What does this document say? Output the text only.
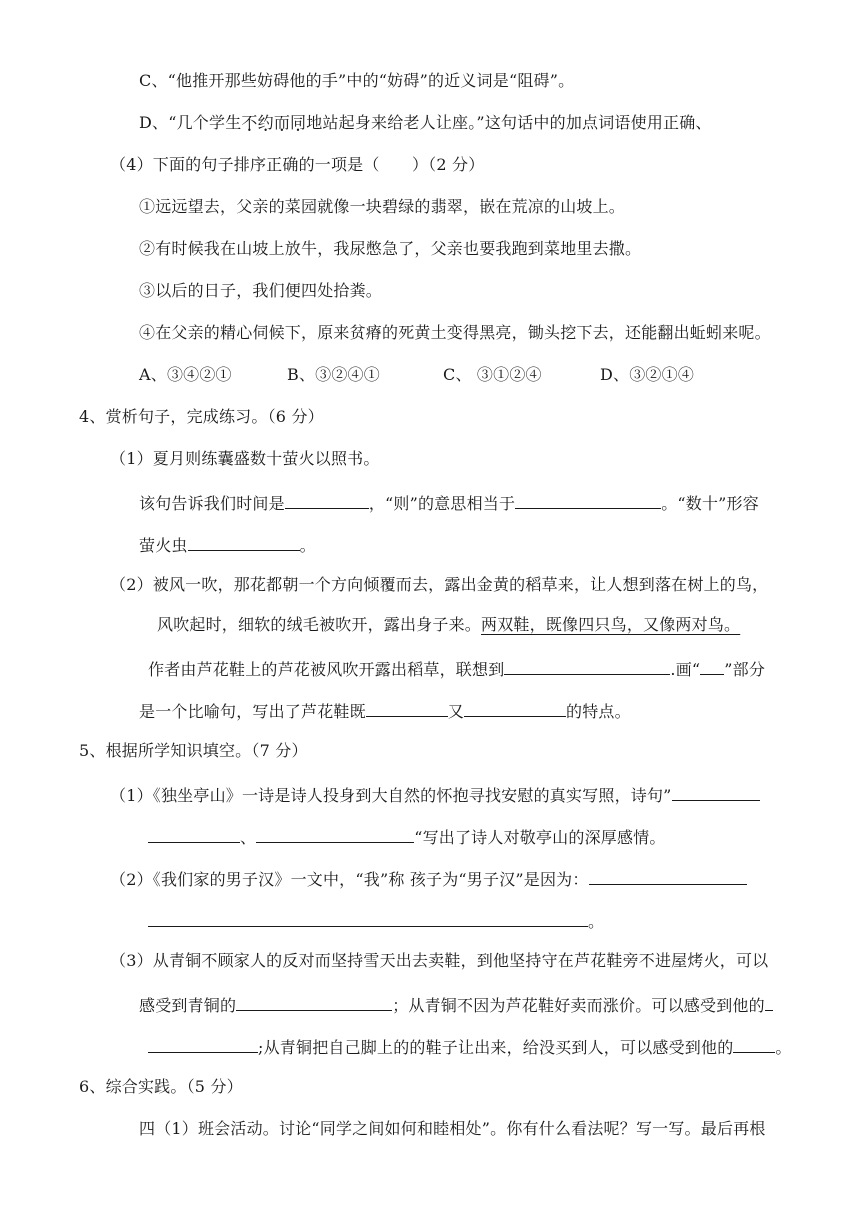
C、“他推开那些妨碍他的手”中的“妨碍”的近义词是“阻碍”。
D、“几个学生不约而同地站起身来给老人让座。”这句话中的加点词语使用正确、
（4）下面的句子排序正确的一项是（　　）（2 分）
①远远望去，父亲的菜园就像一块碧绿的翡翠，嵌在荒凉的山坡上。
②有时候我在山坡上放牛，我尿憋急了，父亲也要我跑到菜地里去撒。
③以后的日子，我们便四处拾粪。
④在父亲的精心伺候下，原来贫瘠的死黄土变得黑亮，锄头挖下去，还能翻出蚯蚓来呢。
A、③④②①	B、③②④①	C、 ③①②④	D、③②①④
4、赏析句子，完成练习。（6 分）
（1）夏月则练囊盛数十萤火以照书。
该句告诉我们时间是	，“则”的意思相当于	。“数十”形容
萤火虫	。
（2）被风一吹，那花都朝一个方向倾覆而去，露出金黄的稻草来，让人想到落在树上的鸟，
风吹起时，细软的绒毛被吹开，露出身子来。两双鞋，既像四只鸟，又像两对鸟。
作者由芦花鞋上的芦花被风吹开露出稻草，联想到	.画“ ”部分
是一个比喻句，写出了芦花鞋既	又	的特点。
5、根据所学知识填空。（7 分）
（1）《独坐亭山》一诗是诗人投身到大自然的怀抱寻找安慰的真实写照，诗句”
、	“写出了诗人对敬亭山的深厚感情。
（2）《我们家的男子汉》一文中，“我”称 孩子为“男子汉”是因为：
。
（3）从青铜不顾家人的反对而坚持雪天出去卖鞋，到他坚持守在芦花鞋旁不进屋烤火，可以
感受到青铜的	；从青铜不因为芦花鞋好卖而涨价。可以感受到他的
;从青铜把自己脚上的的鞋子让出来，给没买到人，可以感受到他的	。
6、综合实践。（5 分）
四（1）班会活动。讨论“同学之间如何和睦相处”。你有什么看法呢？写一写。最后再根
